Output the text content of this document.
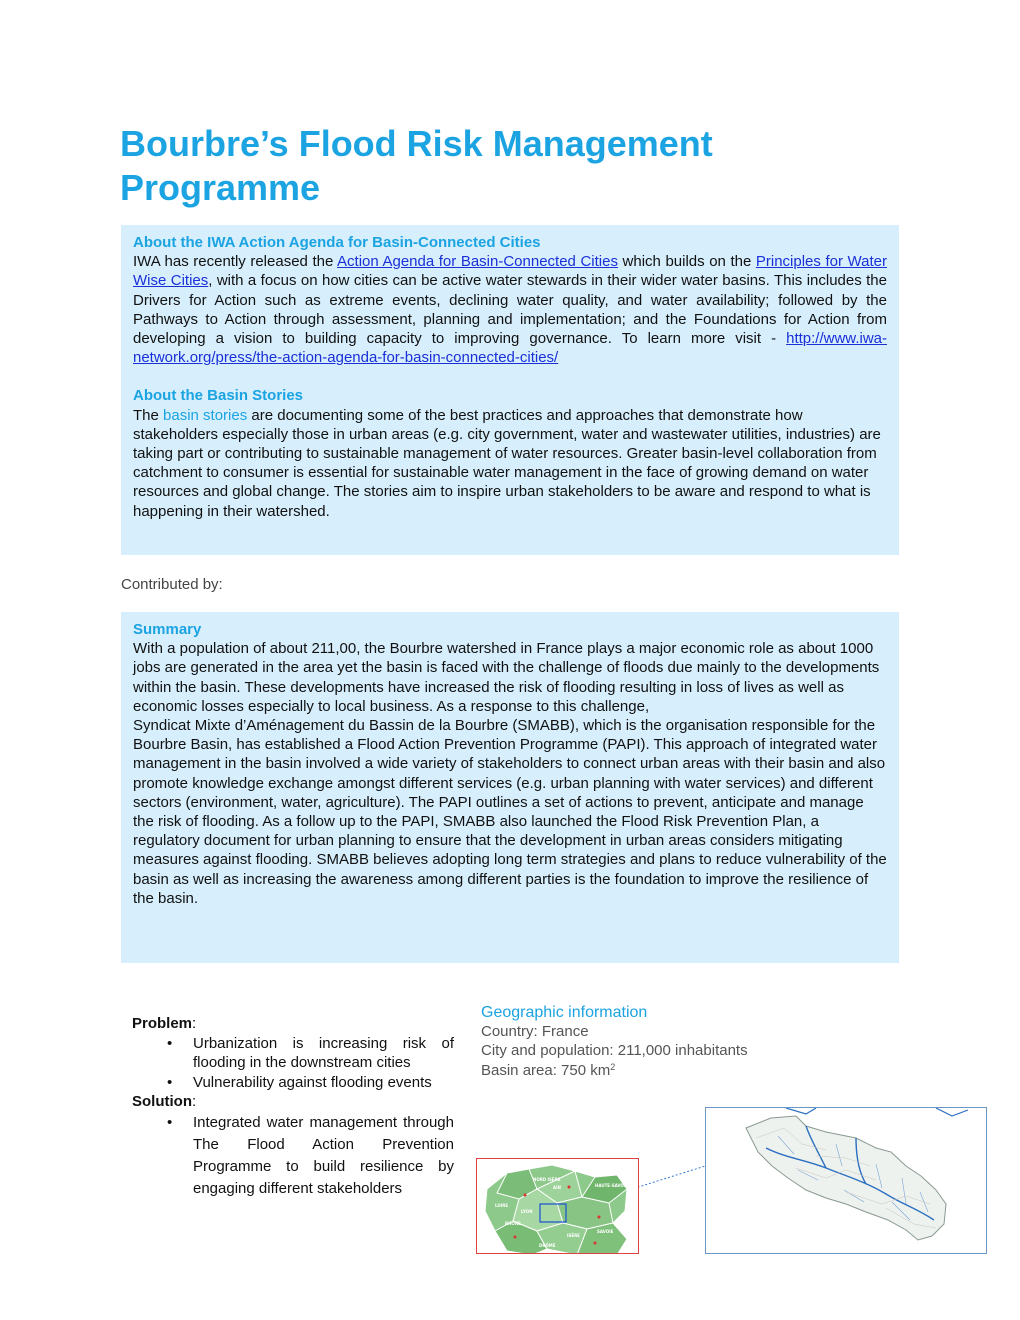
Bourbre’s Flood Risk Management Programme
About the IWA Action Agenda for Basin-Connected Cities

IWA has recently released the Action Agenda for Basin-Connected Cities which builds on the Principles for Water Wise Cities, with a focus on how cities can be active water stewards in their wider water basins. This includes the Drivers for Action such as extreme events, declining water quality, and water availability; followed by the Pathways to Action through assessment, planning and implementation; and the Foundations for Action from developing a vision to building capacity to improving governance. To learn more visit - http://www.iwa-network.org/press/the-action-agenda-for-basin-connected-cities/

About the Basin Stories

The basin stories are documenting some of the best practices and approaches that demonstrate how stakeholders especially those in urban areas (e.g. city government, water and wastewater utilities, industries) are taking part or contributing to sustainable management of water resources. Greater basin-level collaboration from catchment to consumer is essential for sustainable water management in the face of growing demand on water resources and global change. The stories aim to inspire urban stakeholders to be aware and respond to what is happening in their watershed.

Contributed by:

Summary

With a population of about 211,00, the Bourbre watershed in France plays a major economic role as about 1000 jobs are generated in the area yet the basin is faced with the challenge of floods due mainly to the developments within the basin. These developments have increased the risk of flooding resulting in loss of lives as well as economic losses especially to local business. As a response to this challenge,

Syndicat Mixte d’Aménagement du Bassin de la Bourbre (SMABB), which is the organisation responsible for the Bourbre Basin, has established a Flood Action Prevention Programme (PAPI). This approach of integrated water management in the basin involved a wide variety of stakeholders to connect urban areas with their basin and also promote knowledge exchange amongst different services (e.g. urban planning with water services) and different sectors (environment, water, agriculture). The PAPI outlines a set of actions to prevent, anticipate and manage the risk of flooding. As a follow up to the PAPI, SMABB also launched the Flood Risk Prevention Plan, a regulatory document for urban planning to ensure that the development in urban areas considers mitigating measures against flooding. SMABB believes adopting long term strategies and plans to reduce vulnerability of the basin as well as increasing the awareness among different parties is the foundation to improve the resilience of the basin.

Problem:
• Urbanization is increasing risk of flooding in the downstream cities
• Vulnerability against flooding events
Solution:
• Integrated water management through The Flood Action Prevention Programme to build resilience by engaging different stakeholders

Geographic information

Country: France

City and population: 211,000 inhabitants

Basin area: 750 $km^2$

NORD ISÈRE
AIN	HAUTE-SAVOIE
SAVOIE
ISÈRE
LYON
LOIRE
RHÔNE
DRÔME
